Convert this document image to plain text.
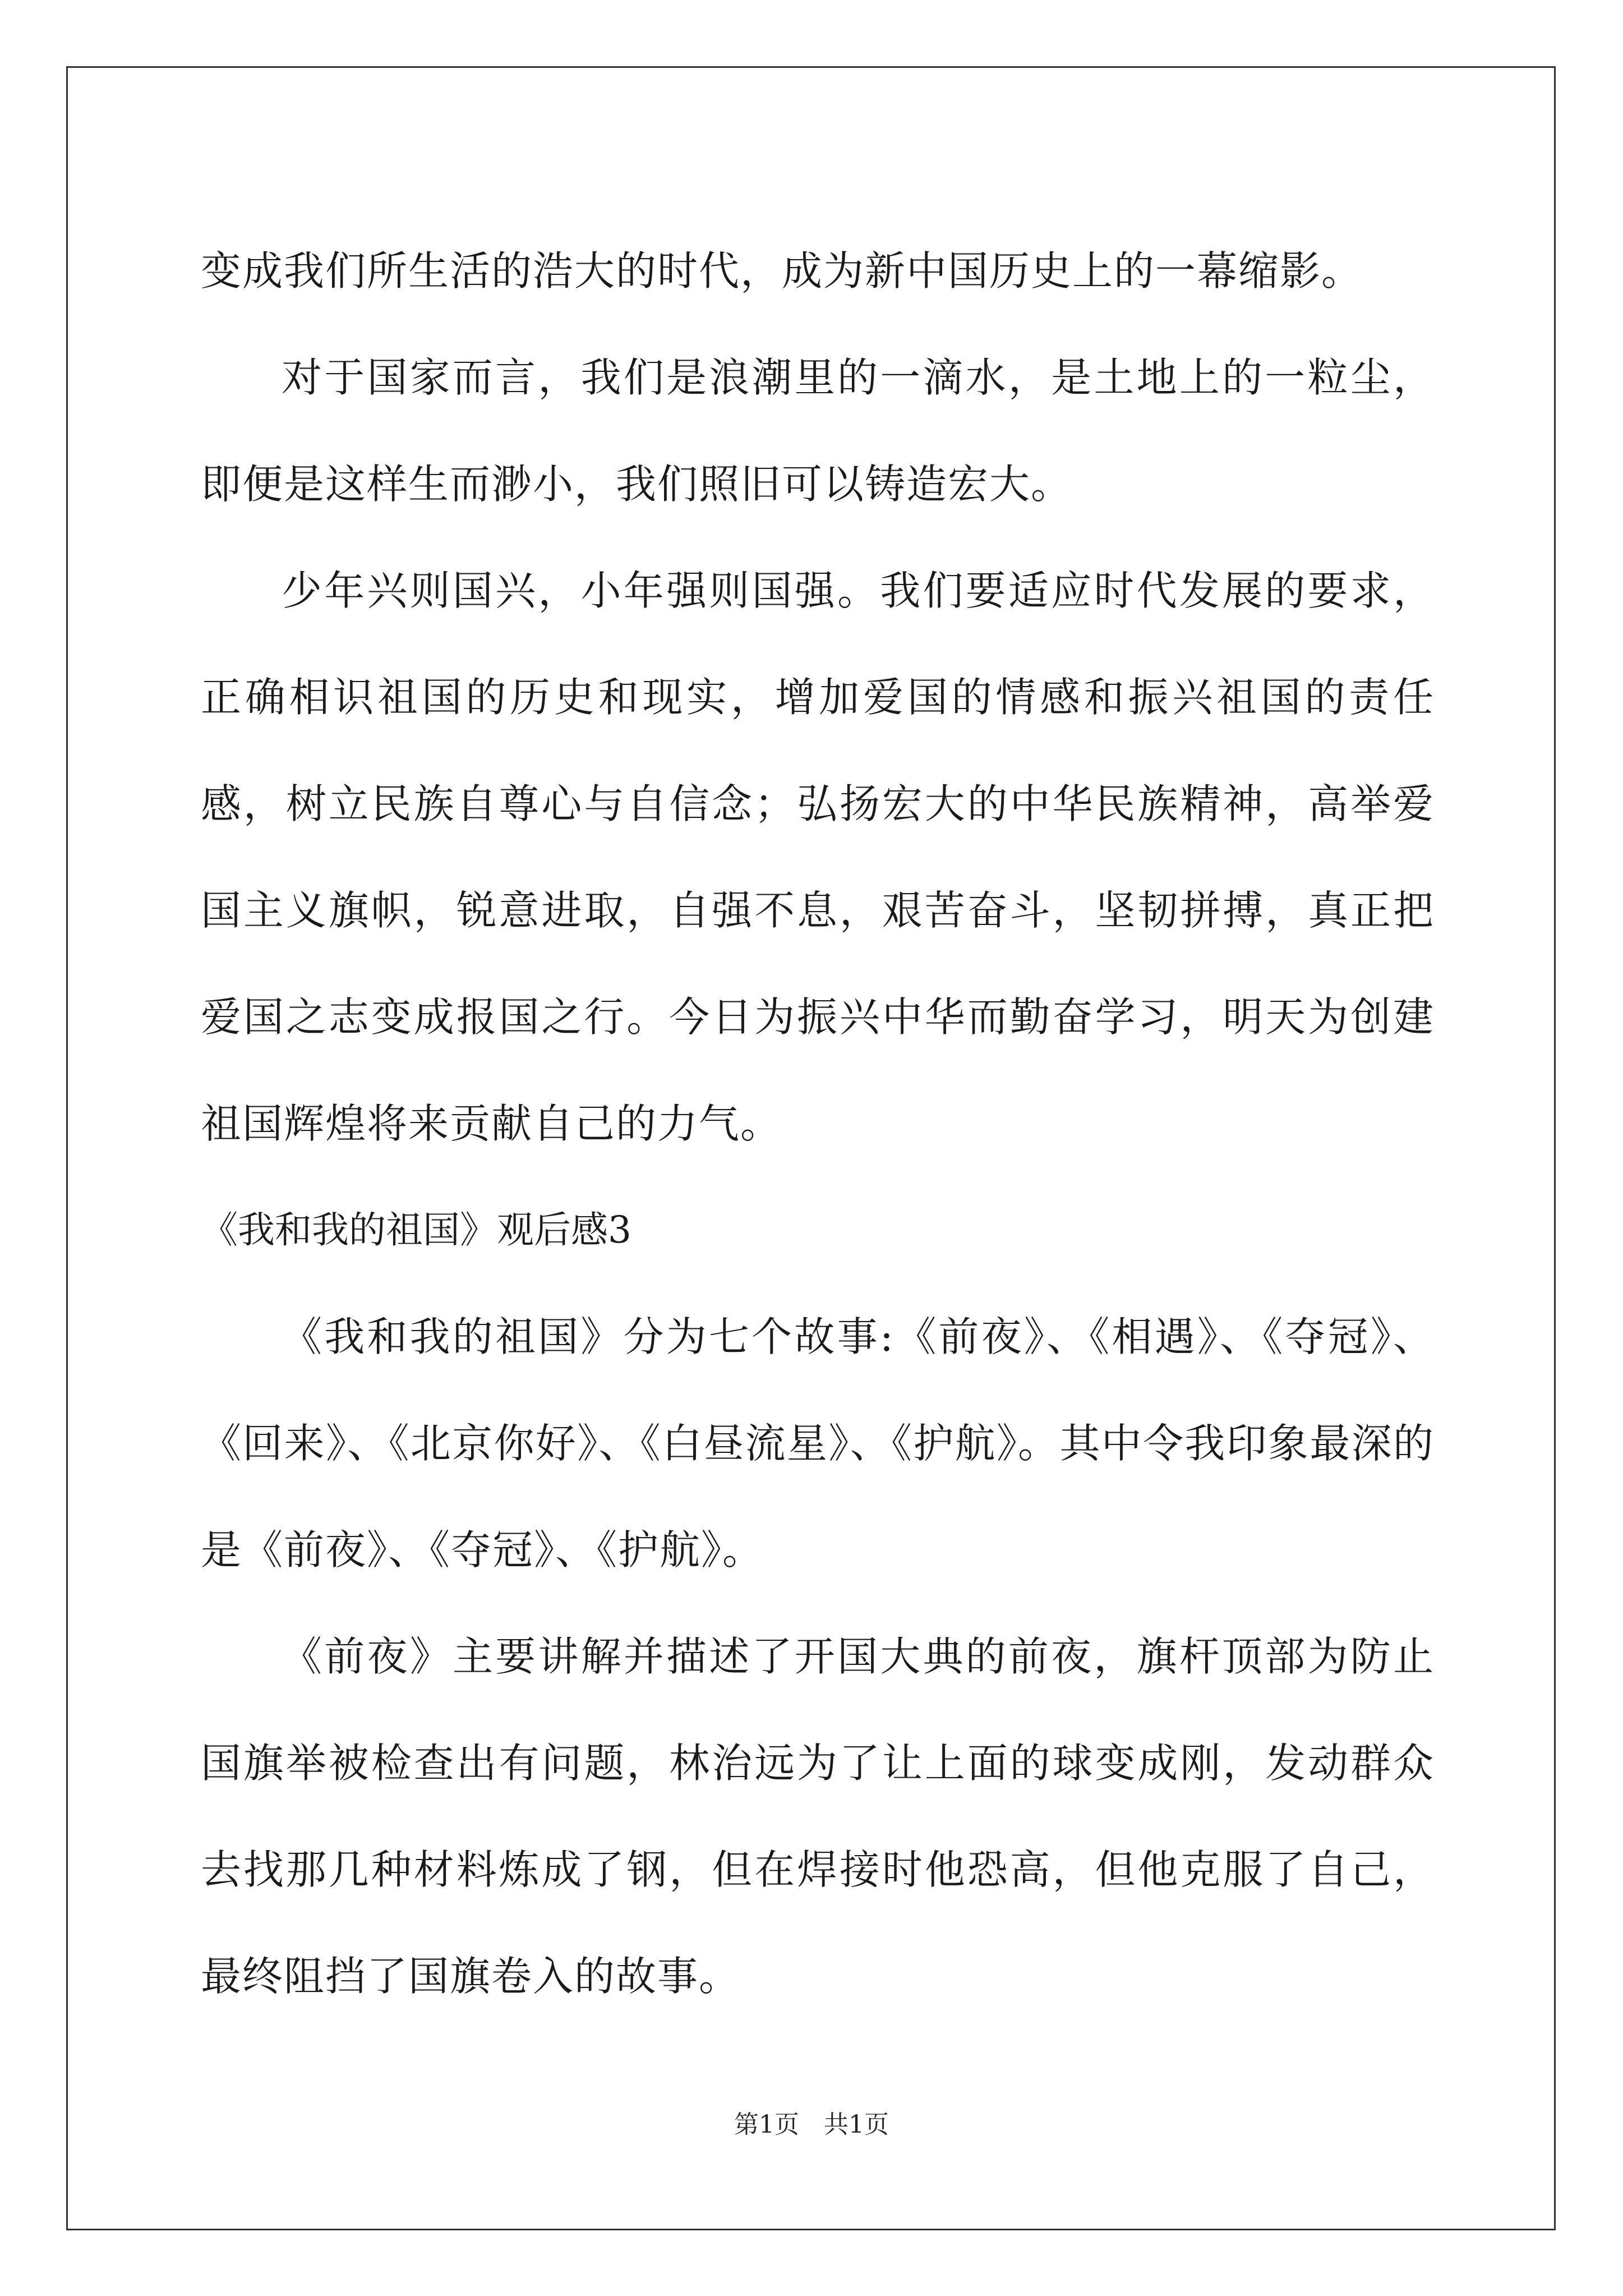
变成我们所生活的浩大的时代，成为新中国历史上的一幕缩影。

对于国家而言，我们是浪潮里的一滴水，是土地上的一粒尘，即便是这样生而渺小，我们照旧可以铸造宏大。

少年兴则国兴，小年强则国强。我们要适应时代发展的要求，正确相识祖国的历史和现实，增加爱国的情感和振兴祖国的责任感，树立民族自尊心与自信念；弘扬宏大的中华民族精神，高举爱国主义旗帜，锐意进取，自强不息，艰苦奋斗，坚韧拼搏，真正把爱国之志变成报国之行。今日为振兴中华而勤奋学习，明天为创建祖国辉煌将来贡献自己的力气。

《我和我的祖国》观后感3

《我和我的祖国》分为七个故事:《前夜》、《相遇》、《夺冠》、《回来》、《北京你好》、《白昼流星》、《护航》。其中令我印象最深的是《前夜》、《夺冠》、《护航》。

《前夜》主要讲解并描述了开国大典的前夜，旗杆顶部为防止国旗举被检查出有问题，林治远为了让上面的球变成刚，发动群众去找那几种材料炼成了钢，但在焊接时他恐高，但他克服了自己，最终阻挡了国旗卷入的故事。

第1页　共1页
